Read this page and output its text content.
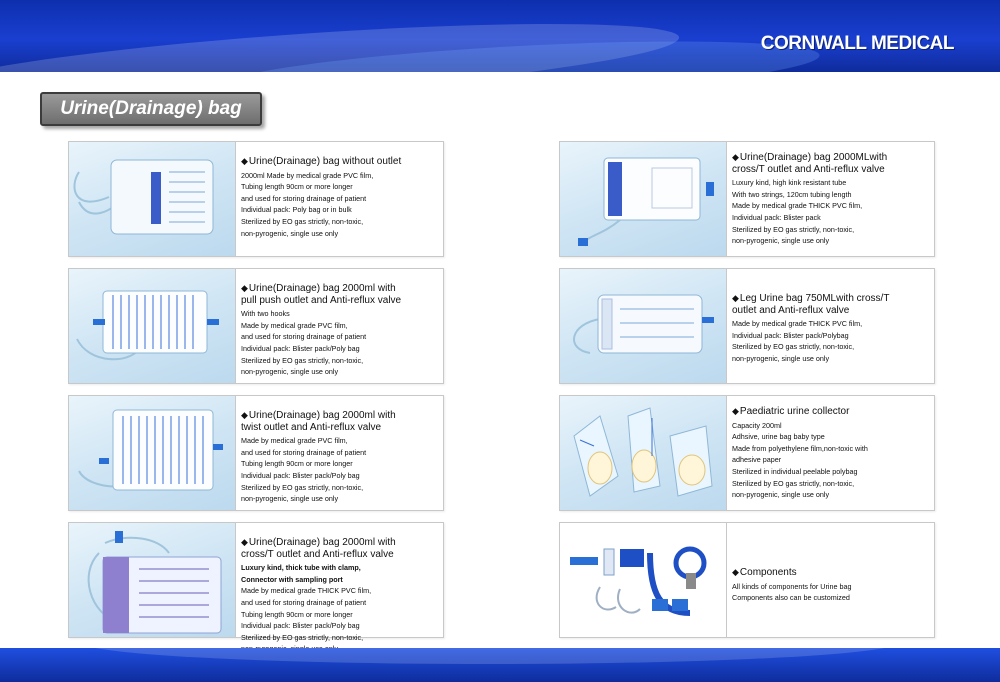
CORNWALL MEDICAL
Urine(Drainage) bag
◆Urine(Drainage) bag without outlet
2000ml Made by medical grade PVC film,
Tubing length 90cm or more longer
and used for storing drainage of patient
Individual pack: Poly bag or in bulk
Sterilized by EO gas strictly, non-toxic,
non-pyrogenic, single use only
◆Urine(Drainage) bag 2000ml with
pull push outlet and Anti-reflux valve
With two hooks
Made by medical grade PVC film,
and used for storing drainage of patient
Individual pack: Blister pack/Poly bag
Sterilized by EO gas strictly, non-toxic,
non-pyrogenic, single use only
◆Urine(Drainage) bag 2000ml with
twist outlet and Anti-reflux valve
Made by medical grade PVC film,
and used for storing drainage of patient
Tubing length 90cm or more longer
Individual pack: Blister pack/Poly bag
Sterilized by EO gas strictly, non-toxic,
non-pyrogenic, single use only
◆Urine(Drainage) bag 2000ml with
cross/T outlet and Anti-reflux valve
Luxury kind, thick tube with clamp,
Connector with sampling port
Made by medical grade THICK PVC film,
and used for storing drainage of patient
Tubing length 90cm or more longer
Individual pack: Blister pack/Poly bag
Sterilized by EO gas strictly, non-toxic,
◆Urine(Drainage) bag 2000MLwith
cross/T outlet and Anti-reflux valve
Luxury kind, high kink resistant tube
With two strings, 120cm tubing length
Made by medical grade THICK PVC film,
Individual pack: Blister pack
Sterilized by EO gas strictly, non-toxic,
non-pyrogenic, single use only
◆Leg Urine bag 750MLwith cross/T
outlet and Anti-reflux valve
Made by medical grade THICK PVC film,
Individual pack: Blister pack/Polybag
Sterilized by EO gas strictly, non-toxic,
non-pyrogenic, single use only
◆Paediatric urine collector
Capacity 200ml
Adhsive, urine bag baby type
Made from polyethylene film,non-toxic with
adhesive paper
Sterilized in individual peelable polybag
Sterilized by EO gas strictly, non-toxic,
non-pyrogenic, single use only
◆Components
All kinds of components for Urine bag
Components also can be customized
